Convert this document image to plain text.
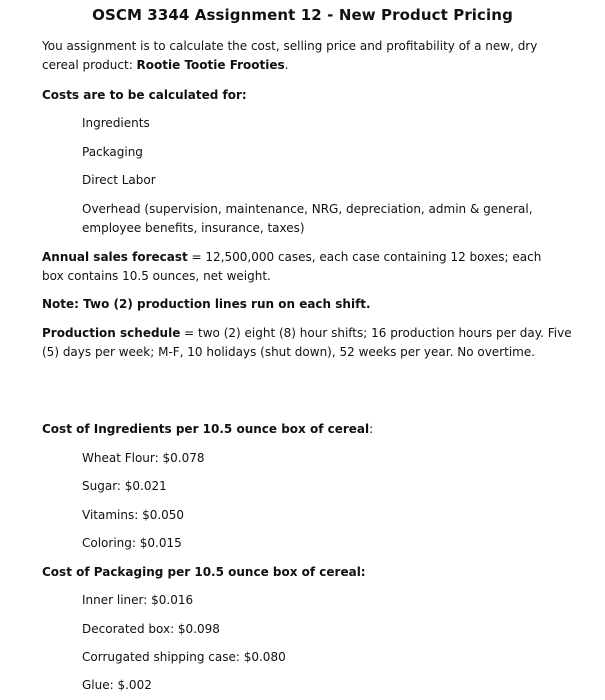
OSCM 3344 Assignment 12 - New Product Pricing

You assignment is to calculate the cost, selling price and profitability of a new, dry cereal product: Rootie Tootie Frooties.

Costs are to be calculated for:

Ingredients

Packaging

Direct Labor

Overhead (supervision, maintenance, NRG, depreciation, admin & general, employee benefits, insurance, taxes)

Annual sales forecast = 12,500,000 cases, each case containing 12 boxes; each box contains 10.5 ounces, net weight.

Note: Two (2) production lines run on each shift.

Production schedule = two (2) eight (8) hour shifts; 16 production hours per day. Five (5) days per week; M-F, 10 holidays (shut down), 52 weeks per year. No overtime.

Cost of Ingredients per 10.5 ounce box of cereal:

Wheat Flour: $0.078

Sugar: $0.021

Vitamins: $0.050

Coloring: $0.015

Cost of Packaging per 10.5 ounce box of cereal:

Inner liner: $0.016

Decorated box: $0.098

Corrugated shipping case: $0.080

Glue: $.002
